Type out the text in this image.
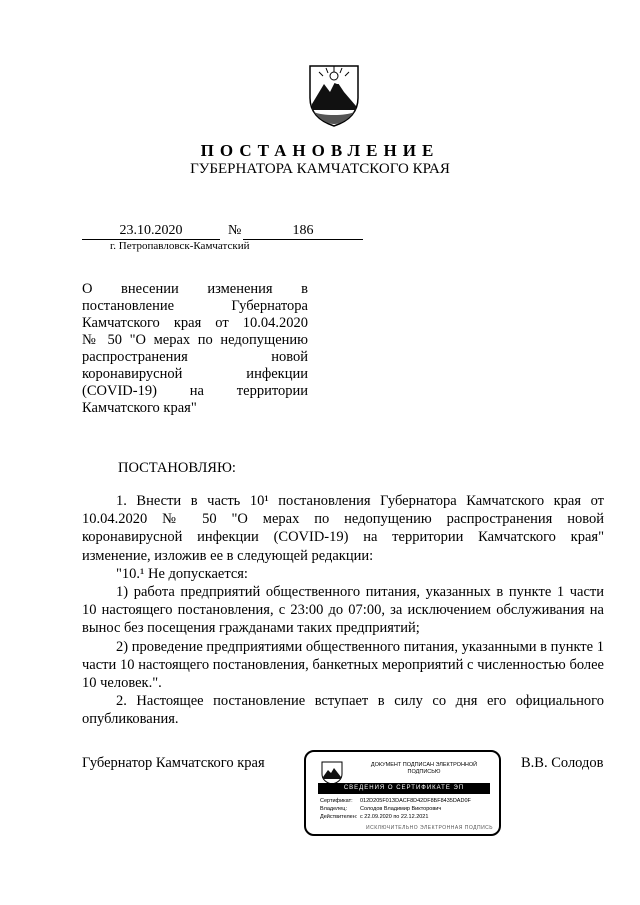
ПОСТАНОВЛЕНИЕ
ГУБЕРНАТОРА КАМЧАТСКОГО КРАЯ
23.10.2020	№	186
г. Петропавловск-Камчатский
О внесении изменения в
постановление Губернатора
Камчатского края от 10.04.2020
№ 50 "О мерах по недопущению
распространения новой
коронавирусной инфекции
(COVID-19) на территории
Камчатского края"
ПОСТАНОВЛЯЮ:

1. Внести в часть 10¹ постановления Губернатора Камчатского края от 10.04.2020 № 50 "О мерах по недопущению распространения новой коронавирусной инфекции (COVID-19) на территории Камчатского края" изменение, изложив ее в следующей редакции:

"10.¹ Не допускается:

1) работа предприятий общественного питания, указанных в пункте 1 части 10 настоящего постановления, с 23:00 до 07:00, за исключением обслуживания на вынос без посещения гражданами таких предприятий;

2) проведение предприятиями общественного питания, указанными в пункте 1 части 10 настоящего постановления, банкетных мероприятий с численностью более 10 человек.".

2. Настоящее постановление вступает в силу со дня его официального опубликования.

Губернатор Камчатского края	В.В. Солодов
ДОКУМЕНТ ПОДПИСАН ЭЛЕКТРОННОЙ ПОДПИСЬЮ
СВЕДЕНИЯ О СЕРТИФИКАТЕ ЭП
Сертификат: 012D205F01ЗDAСF8D42DF8БF8435DAD0F
Владелец: Солодов Владимир Викторович
Действителен: с 22.09.2020 по 22.12.2021
ИСКЛЮЧИТЕЛЬНО ЭЛЕКТРОННАЯ ПОДПИСЬ
